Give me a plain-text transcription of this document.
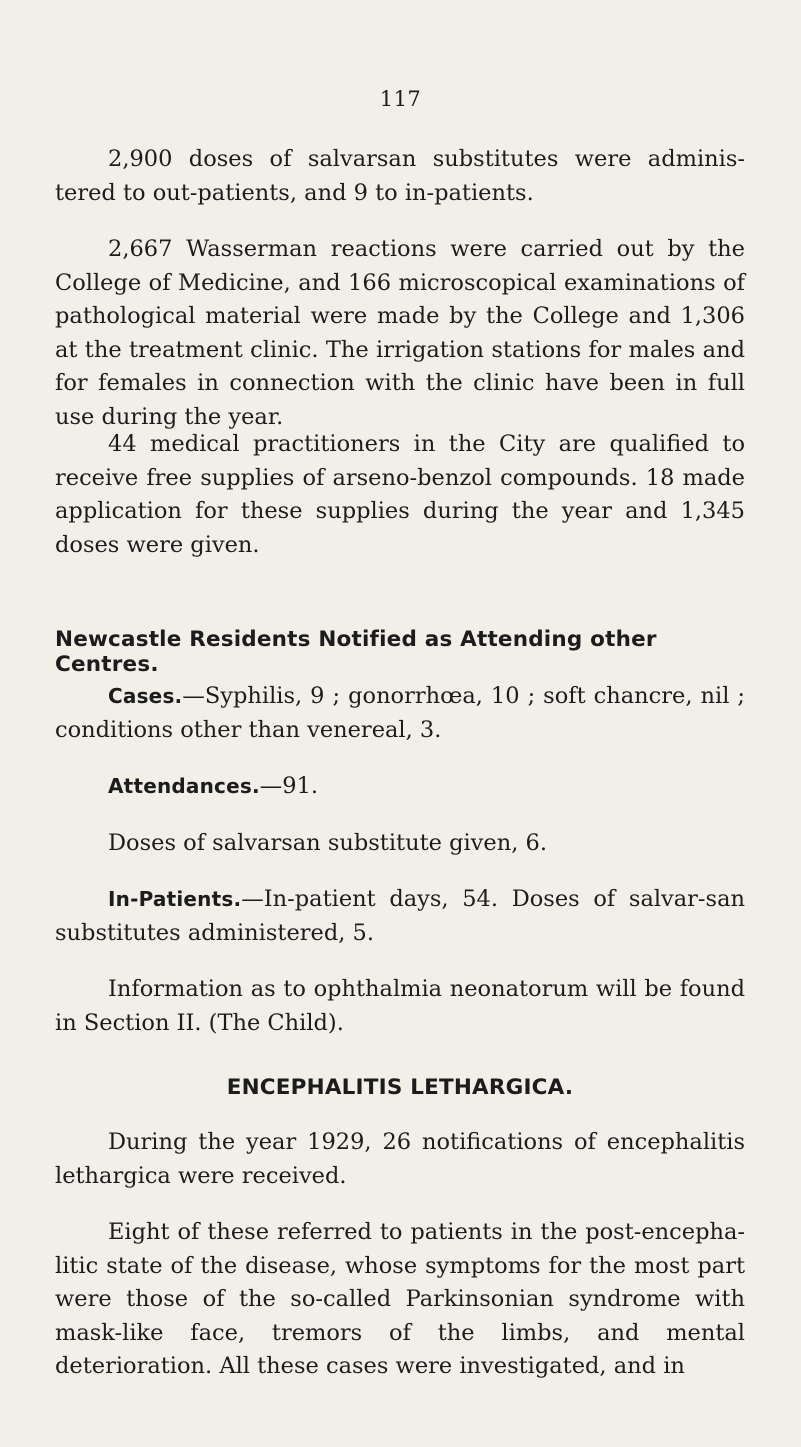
117

2,900 doses of salvarsan substitutes were adminis-tered to out-patients, and 9 to in-patients.

2,667 Wasserman reactions were carried out by the College of Medicine, and 166 microscopical examinations of pathological material were made by the College and 1,306 at the treatment clinic. The irrigation stations for males and for females in connection with the clinic have been in full use during the year.

44 medical practitioners in the City are qualified to receive free supplies of arseno-benzol compounds. 18 made application for these supplies during the year and 1,345 doses were given.

Newcastle Residents Notified as Attending other Centres.

Cases.—Syphilis, 9 ; gonorrhœa, 10 ; soft chancre, nil ; conditions other than venereal, 3.

Attendances.—91.

Doses of salvarsan substitute given, 6.

In-Patients.—In-patient days, 54. Doses of salvar-san substitutes administered, 5.

Information as to ophthalmia neonatorum will be found in Section II. (The Child).

ENCEPHALITIS LETHARGICA.

During the year 1929, 26 notifications of encephalitis lethargica were received.

Eight of these referred to patients in the post-encepha-litic state of the disease, whose symptoms for the most part were those of the so-called Parkinsonian syndrome with mask-like face, tremors of the limbs, and mental deterioration. All these cases were investigated, and in
